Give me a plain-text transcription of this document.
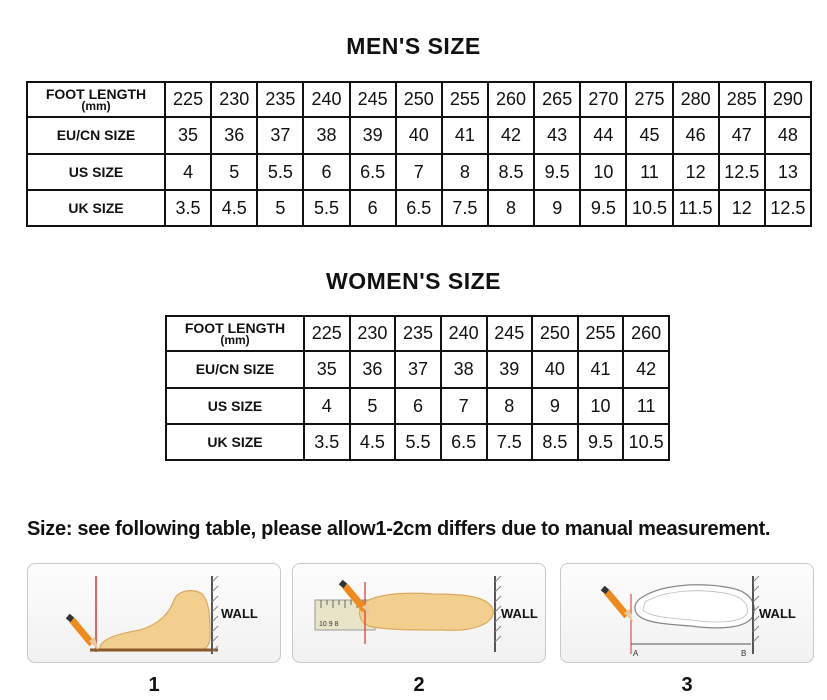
MEN'S SIZE
FOOT LENGTH
(mm)	225	230	235	240	245	250	255	260	265	270	275	280	285	290

EU/CN SIZE	35	36	37	38	39	40	41	42	43	44	45	46	47	48

US SIZE	4	5	5.5	6	6.5	7	8	8.5	9.5	10	11	12	12.5	13

UK SIZE	3.5	4.5	5	5.5	6	6.5	7.5	8	9	9.5	10.5	11.5	12	12.5
WOMEN'S SIZE
FOOT LENGTH
(mm)	225	230	235	240	245	250	255	260

EU/CN SIZE	35	36	37	38	39	40	41	42

US SIZE	4	5	6	7	8	9	10	11

UK SIZE	3.5	4.5	5.5	6.5	7.5	8.5	9.5	10.5
Size: see following table, please allow1-2cm differs due to manual measurement.
WALL
10 9 8
WALL
A	B
WALL
1	2	3
